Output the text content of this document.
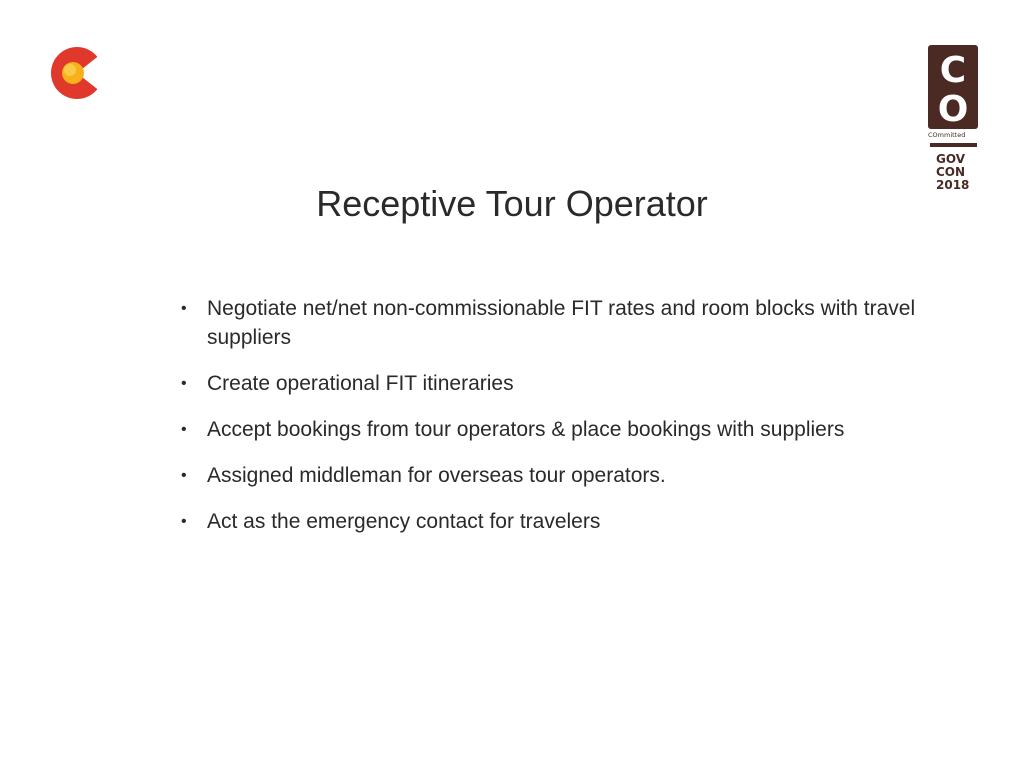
C
O
COmmitted
GOV
CON
2018
Receptive Tour Operator
• Negotiate net/net non-commissionable FIT rates and room blocks with travel suppliers
• Create operational FIT itineraries
• Accept bookings from tour operators & place bookings with suppliers
• Assigned middleman for overseas tour operators.
• Act as the emergency contact for travelers
